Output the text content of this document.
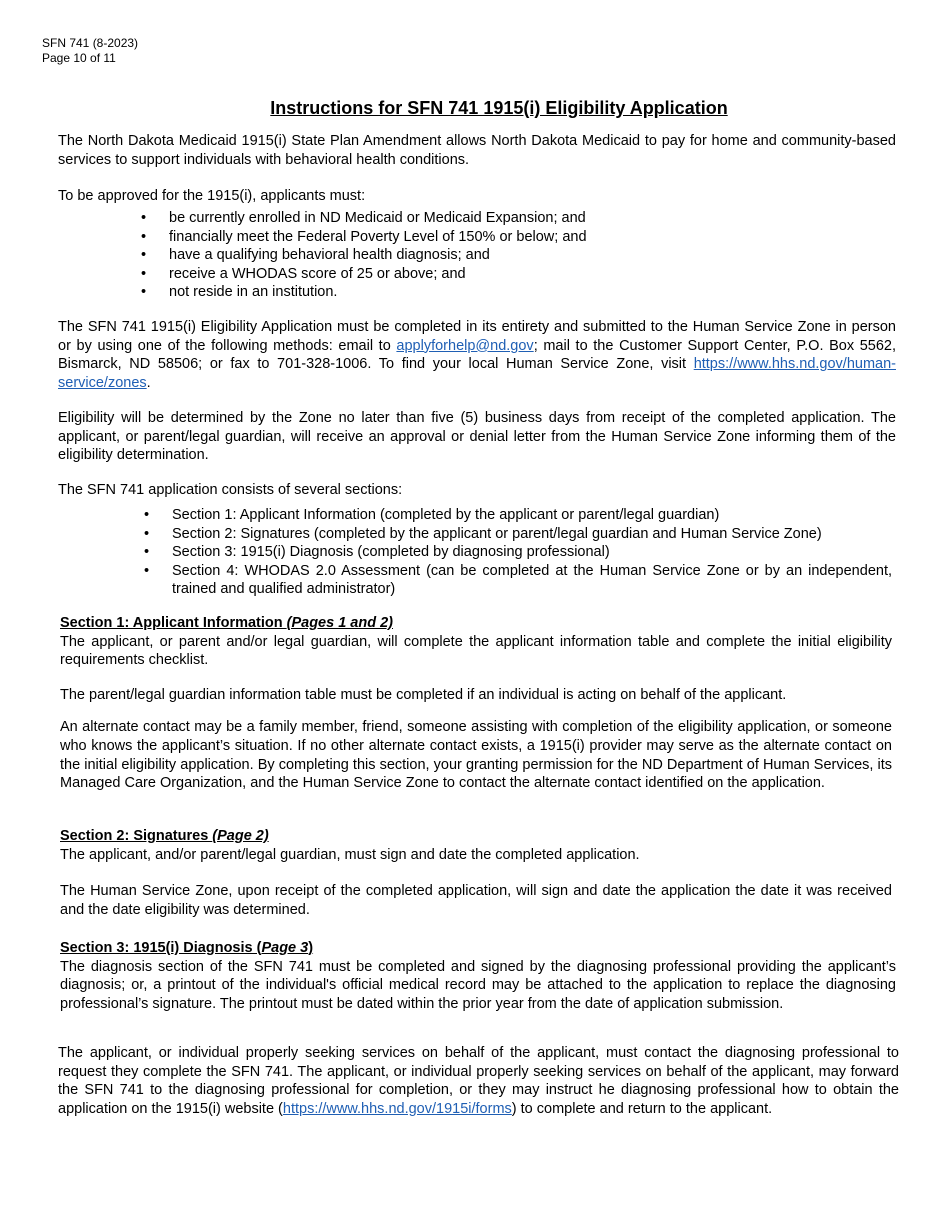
SFN 741 (8-2023)
Page 10 of 11
Instructions for SFN 741 1915(i) Eligibility Application

The North Dakota Medicaid 1915(i) State Plan Amendment allows North Dakota Medicaid to pay for home and community-based services to support individuals with behavioral health conditions.

To be approved for the 1915(i), applicants must:

• be currently enrolled in ND Medicaid or Medicaid Expansion; and
• financially meet the Federal Poverty Level of 150% or below; and
• have a qualifying behavioral health diagnosis; and
• receive a WHODAS score of 25 or above; and
• not reside in an institution.

The SFN 741 1915(i) Eligibility Application must be completed in its entirety and submitted to the Human Service Zone in person or by using one of the following methods: email to applyforhelp@nd.gov; mail to the Customer Support Center, P.O. Box 5562, Bismarck, ND 58506; or fax to 701-328-1006. To find your local Human Service Zone, visit https://www.hhs.nd.gov/human-service/zones.

Eligibility will be determined by the Zone no later than five (5) business days from receipt of the completed application. The applicant, or parent/legal guardian, will receive an approval or denial letter from the Human Service Zone informing them of the eligibility determination.

The SFN 741 application consists of several sections:

• Section 1: Applicant Information (completed by the applicant or parent/legal guardian)
• Section 2: Signatures (completed by the applicant or parent/legal guardian and Human Service Zone)
• Section 3: 1915(i) Diagnosis (completed by diagnosing professional)
• Section 4: WHODAS 2.0 Assessment (can be completed at the Human Service Zone or by an independent, trained and qualified administrator)
Section 1: Applicant Information (Pages 1 and 2)

The applicant, or parent and/or legal guardian, will complete the applicant information table and complete the initial eligibility requirements checklist.

The parent/legal guardian information table must be completed if an individual is acting on behalf of the applicant.

An alternate contact may be a family member, friend, someone assisting with completion of the eligibility application, or someone who knows the applicant’s situation. If no other alternate contact exists, a 1915(i) provider may serve as the alternate contact on the initial eligibility application. By completing this section, your granting permission for the ND Department of Human Services, its Managed Care Organization, and the Human Service Zone to contact the alternate contact identified on the application.

Section 2: Signatures (Page 2)

The applicant, and/or parent/legal guardian, must sign and date the completed application.

The Human Service Zone, upon receipt of the completed application, will sign and date the application the date it was received and the date eligibility was determined.

Section 3: 1915(i) Diagnosis (Page 3)

The diagnosis section of the SFN 741 must be completed and signed by the diagnosing professional providing the applicant’s diagnosis; or, a printout of the individual's official medical record may be attached to the application to replace the diagnosing professional’s signature. The printout must be dated within the prior year from the date of application submission.

The applicant, or individual properly seeking services on behalf of the applicant, must contact the diagnosing professional to request they complete the SFN 741. The applicant, or individual properly seeking services on behalf of the applicant, may forward the SFN 741 to the diagnosing professional for completion, or they may instruct he diagnosing professional how to obtain the application on the 1915(i) website (https://www.hhs.nd.gov/1915i/forms) to complete and return to the applicant.
